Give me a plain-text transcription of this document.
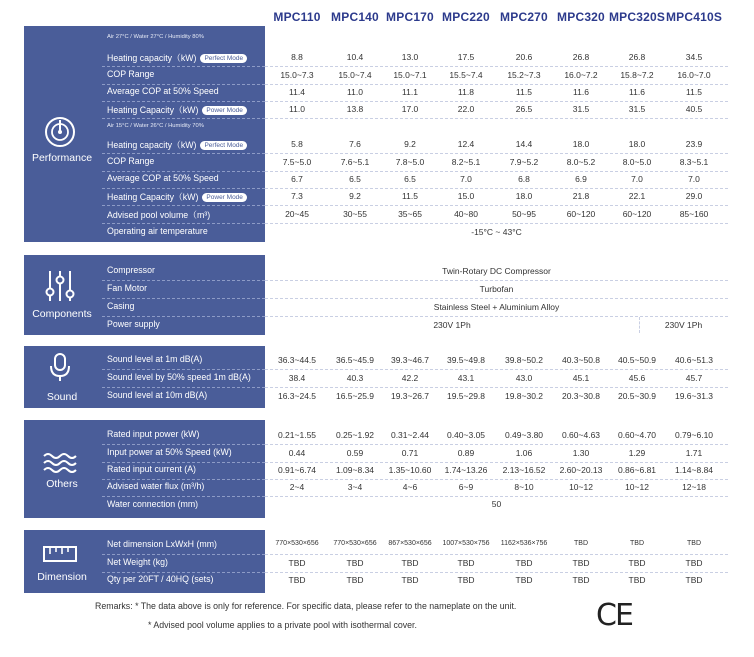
MPC110 MPC140 MPC170 MPC220 MPC270 MPC320 MPC320S MPC410S
Performance
Air 27°C / Water 27°C / Humidity 80%
Air 15°C / Water 26°C / Humidity 70%
Heating capacity（kW) Perfect Mode	8.8	10.4	13.0	17.5	20.6	26.8	26.8	34.5
COP Range	15.0~7.3	15.0~7.4	15.0~7.1	15.5~7.4	15.2~7.3	16.0~7.2	15.8~7.2	16.0~7.0
Average COP at 50% Speed	11.4	11.0	11.1	11.8	11.5	11.6	11.6	11.5
Heating Capacity（kW) Power Mode	11.0	13.8	17.0	22.0	26.5	31.5	31.5	40.5
Heating capacity（kW) Perfect Mode	5.8	7.6	9.2	12.4	14.4	18.0	18.0	23.9
COP Range	7.5~5.0	7.6~5.1	7.8~5.0	8.2~5.1	7.9~5.2	8.0~5.2	8.0~5.0	8.3~5.1
Average COP at 50% Speed	6.7	6.5	6.5	7.0	6.8	6.9	7.0	7.0
Heating Capacity（kW) Power Mode	7.3	9.2	11.5	15.0	18.0	21.8	22.1	29.0
Advised pool volume（m³)	20~45	30~55	35~65	40~80	50~95	60~120	60~120	85~160
Operating air temperature	-15°C ~ 43°C
Components
Compressor	Twin-Rotary DC Compressor
Fan Motor	Turbofan
Casing	Stainless Steel + Aluminium Alloy
Power supply	230V 1Ph	230V 1Ph
Sound
Sound level at 1m dB(A)	36.3~44.5	36.5~45.9	39.3~46.7	39.5~49.8	39.8~50.2	40.3~50.8	40.5~50.9	40.6~51.3
Sound level by 50% speed 1m dB(A)	38.4	40.3	42.2	43.1	43.0	45.1	45.6	45.7
Sound level at 10m dB(A)	16.3~24.5	16.5~25.9	19.3~26.7	19.5~29.8	19.8~30.2	20.3~30.8	20.5~30.9	19.6~31.3
Others
Rated input power (kW)	0.21~1.55	0.25~1.92	0.31~2.44	0.40~3.05	0.49~3.80	0.60~4.63	0.60~4.70	0.79~6.10
Input power at 50% Speed (kW)	0.44	0.59	0.71	0.89	1.06	1.30	1.29	1.71
Rated input current (A)	0.91~6.74	1.09~8.34	1.35~10.60	1.74~13.26	2.13~16.52	2.60~20.13	0.86~6.81	1.14~8.84
Advised water flux (m³/h)	2~4	3~4	4~6	6~9	8~10	10~12	10~12	12~18
Water connection (mm)	50
Dimension
Net dimension LxWxH (mm)	770×530×656	770×530×656	867×530×656	1007×530×756	1162×536×756	TBD	TBD	TBD
Net Weight (kg)	TBD	TBD	TBD	TBD	TBD	TBD	TBD	TBD
Qty per 20FT / 40HQ (sets)	TBD	TBD	TBD	TBD	TBD	TBD	TBD	TBD
Remarks: * The data above is only for reference. For specific data, please refer to the nameplate on the unit.
* Advised pool volume applies to a private pool with isothermal cover.	CE
